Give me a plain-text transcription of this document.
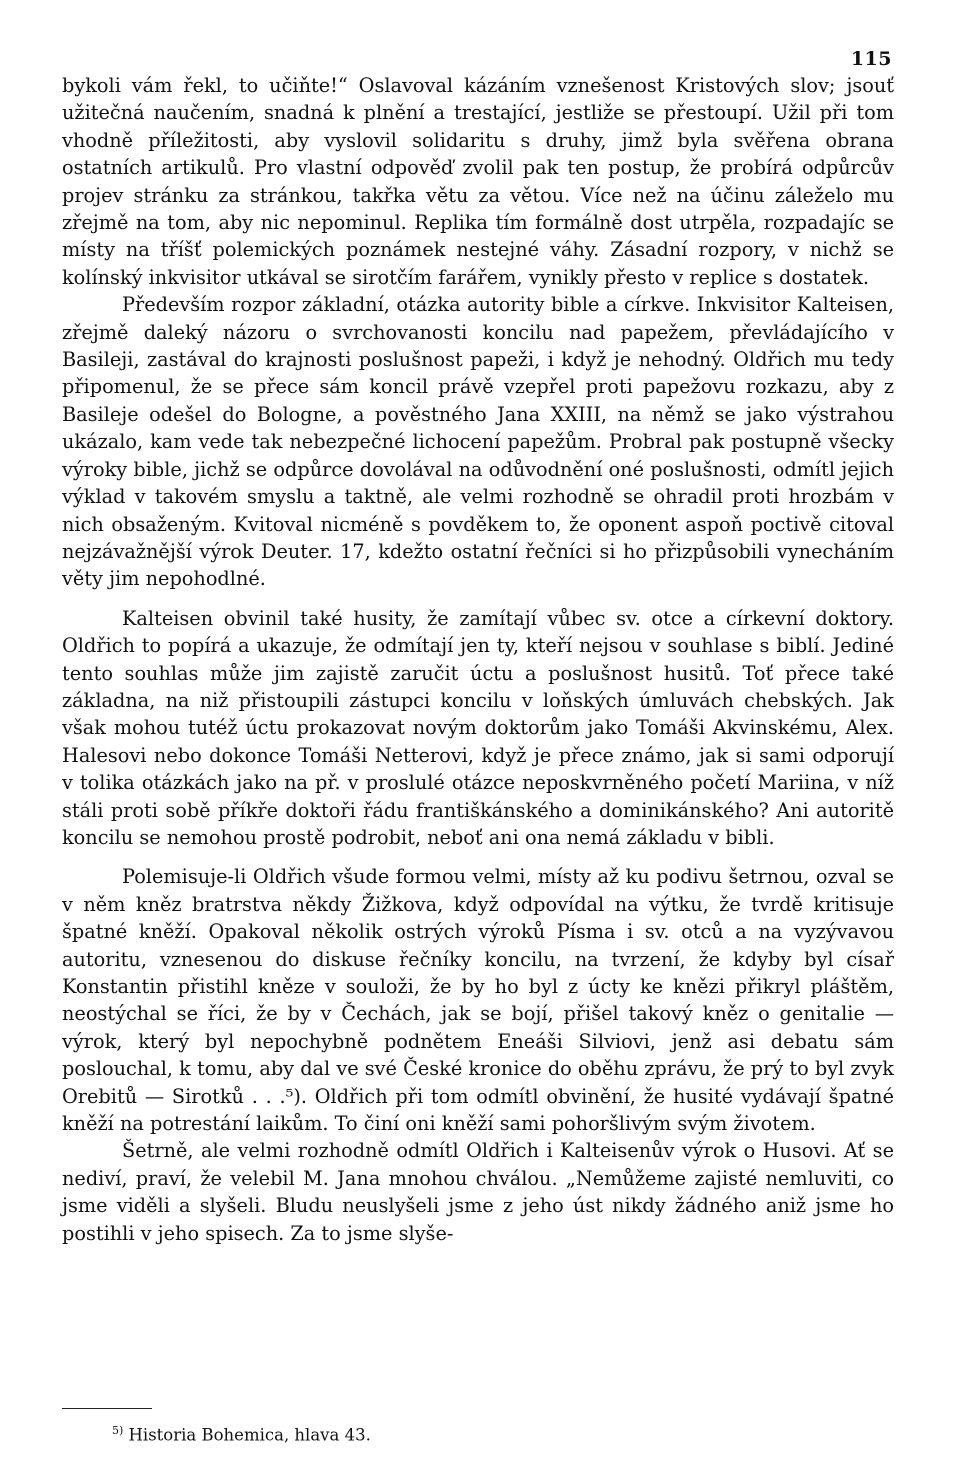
115

bykoli vám řekl, to učiňte!“ Oslavoval kázáním vznešenost Kristových slov; jsouť užitečná naučením, snadná k plnění a trestající, jestliže se přestoupí. Užil při tom vhodně příležitosti, aby vyslovil solidaritu s druhy, jimž byla svěřena obrana ostatních artikulů. Pro vlastní odpověď zvolil pak ten postup, že probírá odpůrcův projev stránku za stránkou, takřka větu za větou. Více než na účinu záleželo mu zřejmě na tom, aby nic nepominul. Replika tím formálně dost utrpěla, rozpadajíc se místy na tříšť polemických poznámek nestejné váhy. Zásadní rozpory, v nichž se kolínský inkvisitor utkával se sirotčím farářem, vynikly přesto v replice s dostatek.

Především rozpor základní, otázka autority bible a církve. Inkvisitor Kalteisen, zřejmě daleký názoru o svrchovanosti koncilu nad papežem, převládajícího v Basileji, zastával do krajnosti poslušnost papeži, i když je nehodný. Oldřich mu tedy připomenul, že se přece sám koncil právě vzepřel proti papežovu rozkazu, aby z Basileje odešel do Bologne, a pověstného Jana XXIII, na němž se jako výstrahou ukázalo, kam vede tak nebezpečné lichocení papežům. Probral pak postupně všecky výroky bible, jichž se odpůrce dovolával na odůvodnění oné poslušnosti, odmítl jejich výklad v takovém smyslu a taktně, ale velmi rozhodně se ohradil proti hrozbám v nich obsaženým. Kvitoval nicméně s povděkem to, že oponent aspoň poctivě citoval nejzávažnější výrok Deuter. 17, kdežto ostatní řečníci si ho přizpůsobili vynecháním věty jim nepohodlné.

Kalteisen obvinil také husity, že zamítají vůbec sv. otce a církevní doktory. Oldřich to popírá a ukazuje, že odmítají jen ty, kteří nejsou v souhlase s biblí. Jediné tento souhlas může jim zajistě zaručit úctu a poslušnost husitů. Toť přece také základna, na niž přistoupili zástupci koncilu v loňských úmluvách chebských. Jak však mohou tutéž úctu prokazovat novým doktorům jako Tomáši Akvinskému, Alex. Halesovi nebo dokonce Tomáši Netterovi, když je přece známo, jak si sami odporují v tolika otázkách jako na př. v proslulé otázce neposkvrněného početí Mariina, v níž stáli proti sobě příkře doktoři řádu františkánského a dominikánského? Ani autoritě koncilu se nemohou prostě podrobit, neboť ani ona nemá základu v bibli.

Polemisuje-li Oldřich všude formou velmi, místy až ku podivu šetrnou, ozval se v něm kněz bratrstva někdy Žižkova, když odpovídal na výtku, že tvrdě kritisuje špatné kněží. Opakoval několik ostrých výroků Písma i sv. otců a na vyzývavou autoritu, vznesenou do diskuse řečníky koncilu, na tvrzení, že kdyby byl císař Konstantin přistihl kněze v souloži, že by ho byl z úcty ke knězi přikryl pláštěm, neostýchal se říci, že by v Čechách, jak se bojí, přišel takový kněz o genitalie — výrok, který byl nepochybně podnětem Eneáši Silviovi, jenž asi debatu sám poslouchal, k tomu, aby dal ve své České kronice do oběhu zprávu, že prý to byl zvyk Orebitů — Sirotků . . .⁵). Oldřich při tom odmítl obvinění, že husité vydávají špatné kněží na potrestání laikům. To činí oni kněží sami pohoršlivým svým životem.

Šetrně, ale velmi rozhodně odmítl Oldřich i Kalteisenův výrok o Husovi. Ať se nediví, praví, že velebil M. Jana mnohou chválou. „Nemůžeme zajisté nemluviti, co jsme viděli a slyšeli. Bludu neuslyšeli jsme z jeho úst nikdy žádného aniž jsme ho postihli v jeho spisech. Za to jsme slyše-

$^{5)}$ Historia Bohemica, hlava 43.
